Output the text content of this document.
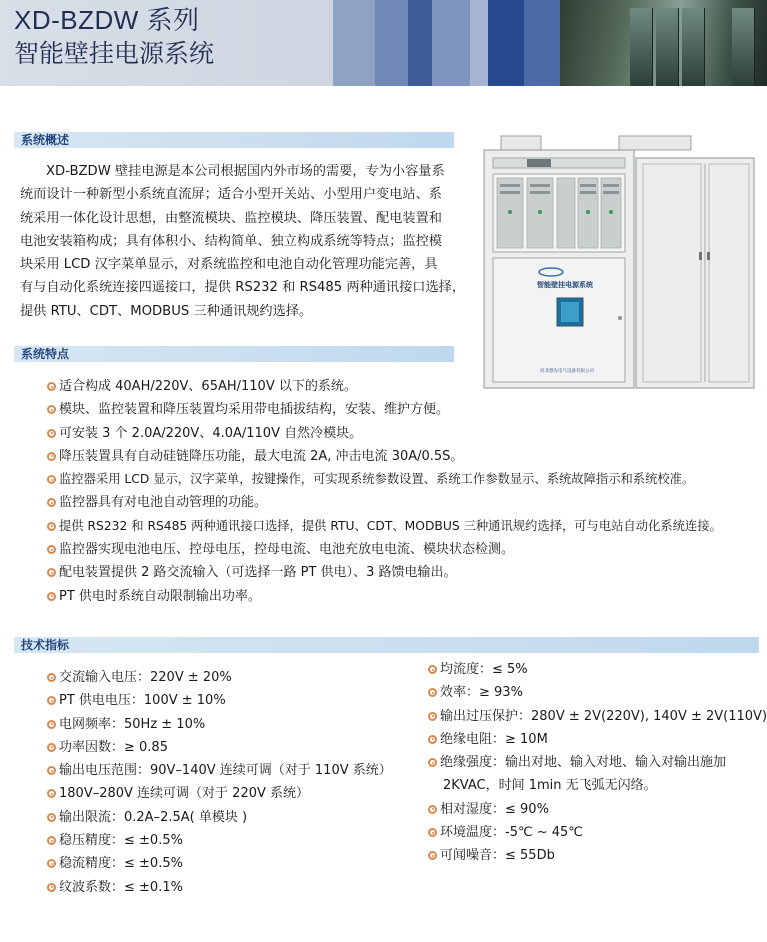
XD-BZDW 系列
智能壁挂电源系统
系统概述

XD-BZDW 壁挂电源是本公司根据国内外市场的需要，专为小容量系

统而设计一种新型小系统直流屏；适合小型开关站、小型用户变电站、系

统采用一体化设计思想，由整流模块、监控模块、降压装置、配电装置和

电池安装箱构成；具有体积小、结构简单、独立构成系统等特点；监控模

块采用 LCD 汉字菜单显示，对系统监控和电池自动化管理功能完善，具

有与自动化系统连接四遥接口，提供 RS232 和 RS485 两种通讯接口选择，

提供 RTU、CDT、MODBUS 三种通讯规约选择。

智能壁挂电源系统
河北德先电气设备有限公司
系统特点
适合构成 40AH/220V、65AH/110V 以下的系统。
模块、监控装置和降压装置均采用带电插拔结构，安装、维护方便。
可安装 3 个 2.0A/220V、4.0A/110V 自然冷模块。
降压装置具有自动硅链降压功能，最大电流 2A, 冲击电流 30A/0.5S。
监控器采用 LCD 显示，汉字菜单，按键操作，可实现系统参数设置、系统工作参数显示、系统故障指示和系统校准。
监控器具有对电池自动管理的功能。
提供 RS232 和 RS485 两种通讯接口选择，提供 RTU、CDT、MODBUS 三种通讯规约选择，可与电站自动化系统连接。
监控器实现电池电压、控母电压，控母电流、电池充放电电流、模块状态检测。
配电装置提供 2 路交流输入（可选择一路 PT 供电）、3 路馈电输出。
PT 供电时系统自动限制输出功率。
技术指标
交流输入电压：220V ± 20%
PT 供电电压：100V ± 10%
电网频率：50Hz ± 10%
功率因数：≥ 0.85
输出电压范围：90V–140V 连续可调（对于 110V 系统）
180V–280V 连续可调（对于 220V 系统）
输出限流：0.2A–2.5A( 单模块 )
稳压精度：≤ ±0.5%
稳流精度：≤ ±0.5%
纹波系数：≤ ±0.1%
均流度：≤ 5%
效率：≥ 93%
输出过压保护：280V ± 2V(220V), 140V ± 2V(110V)
绝缘电阻：≥ 10M
绝缘强度：输出对地、输入对地、输入对输出施加
2KVAC，时间 1min 无飞弧无闪络。
相对湿度：≤ 90%
环境温度：-5℃ ~ 45℃
可闻噪音：≤ 55Db
